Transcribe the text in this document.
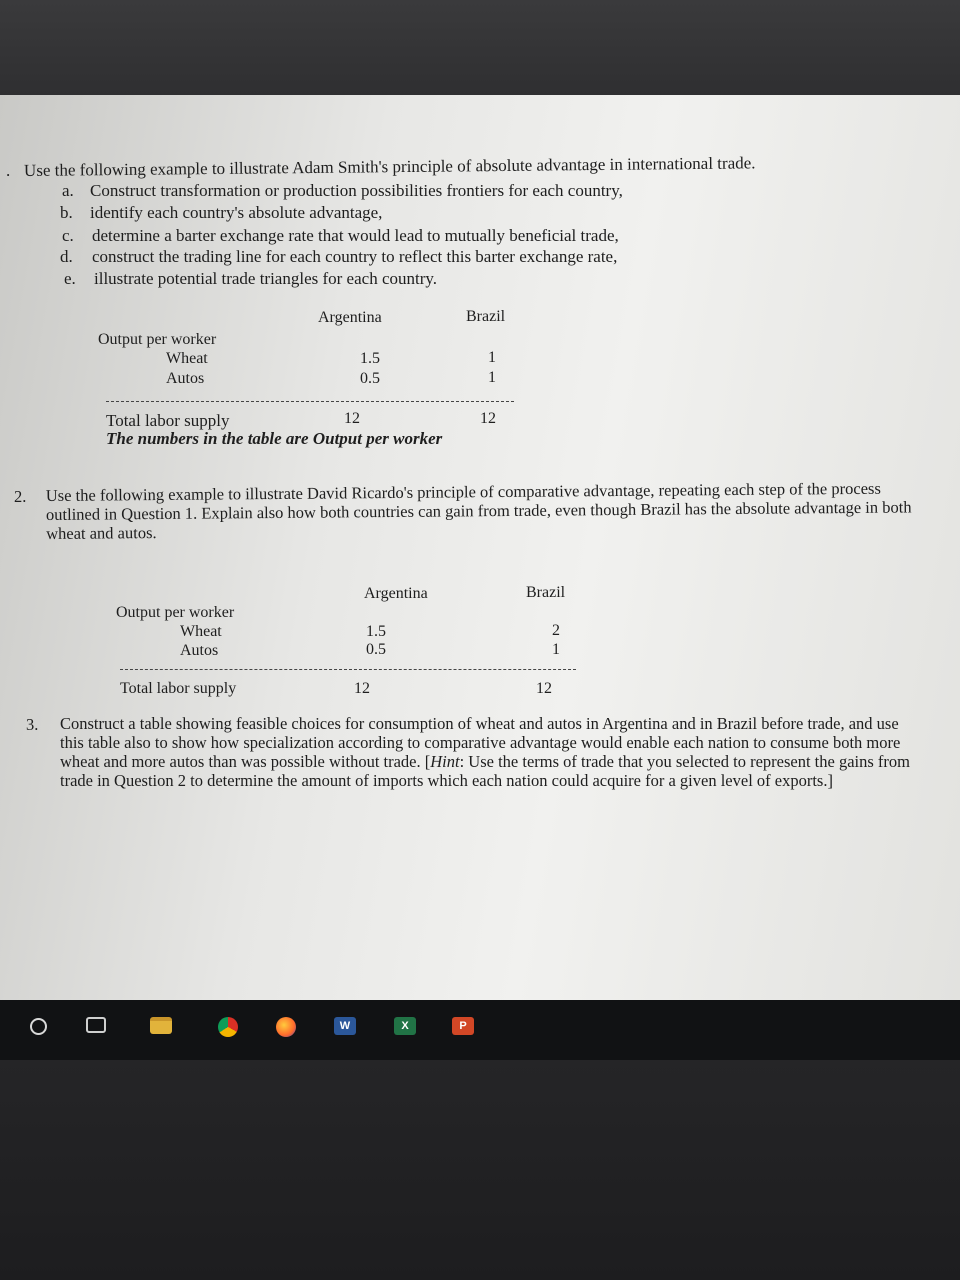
. Use the following example to illustrate Adam Smith's principle of absolute advantage in international trade.
a. Construct transformation or production possibilities frontiers for each country,
b. identify each country's absolute advantage,
c. determine a barter exchange rate that would lead to mutually beneficial trade,
d. construct the trading line for each country to reflect this barter exchange rate,
e. illustrate potential trade triangles for each country.
Argentina	Brazil
Output per worker
Wheat	1.5	1
Autos	0.5	1
Total labor supply	12	12
The numbers in the table are Output per worker
2. Use the following example to illustrate David Ricardo's principle of comparative advantage, repeating each step of the process outlined in Question 1. Explain also how both countries can gain from trade, even though Brazil has the absolute advantage in both wheat and autos.
Argentina	Brazil
Output per worker
Wheat	1.5	2
Autos	0.5	1
Total labor supply	12	12
3. Construct a table showing feasible choices for consumption of wheat and autos in Argentina and in Brazil before trade, and use this table also to show how specialization according to comparative advantage would enable each nation to consume both more wheat and more autos than was possible without trade. [Hint: Use the terms of trade that you selected to represent the gains from trade in Question 2 to determine the amount of imports which each nation could acquire for a given level of exports.]
W	X	P
